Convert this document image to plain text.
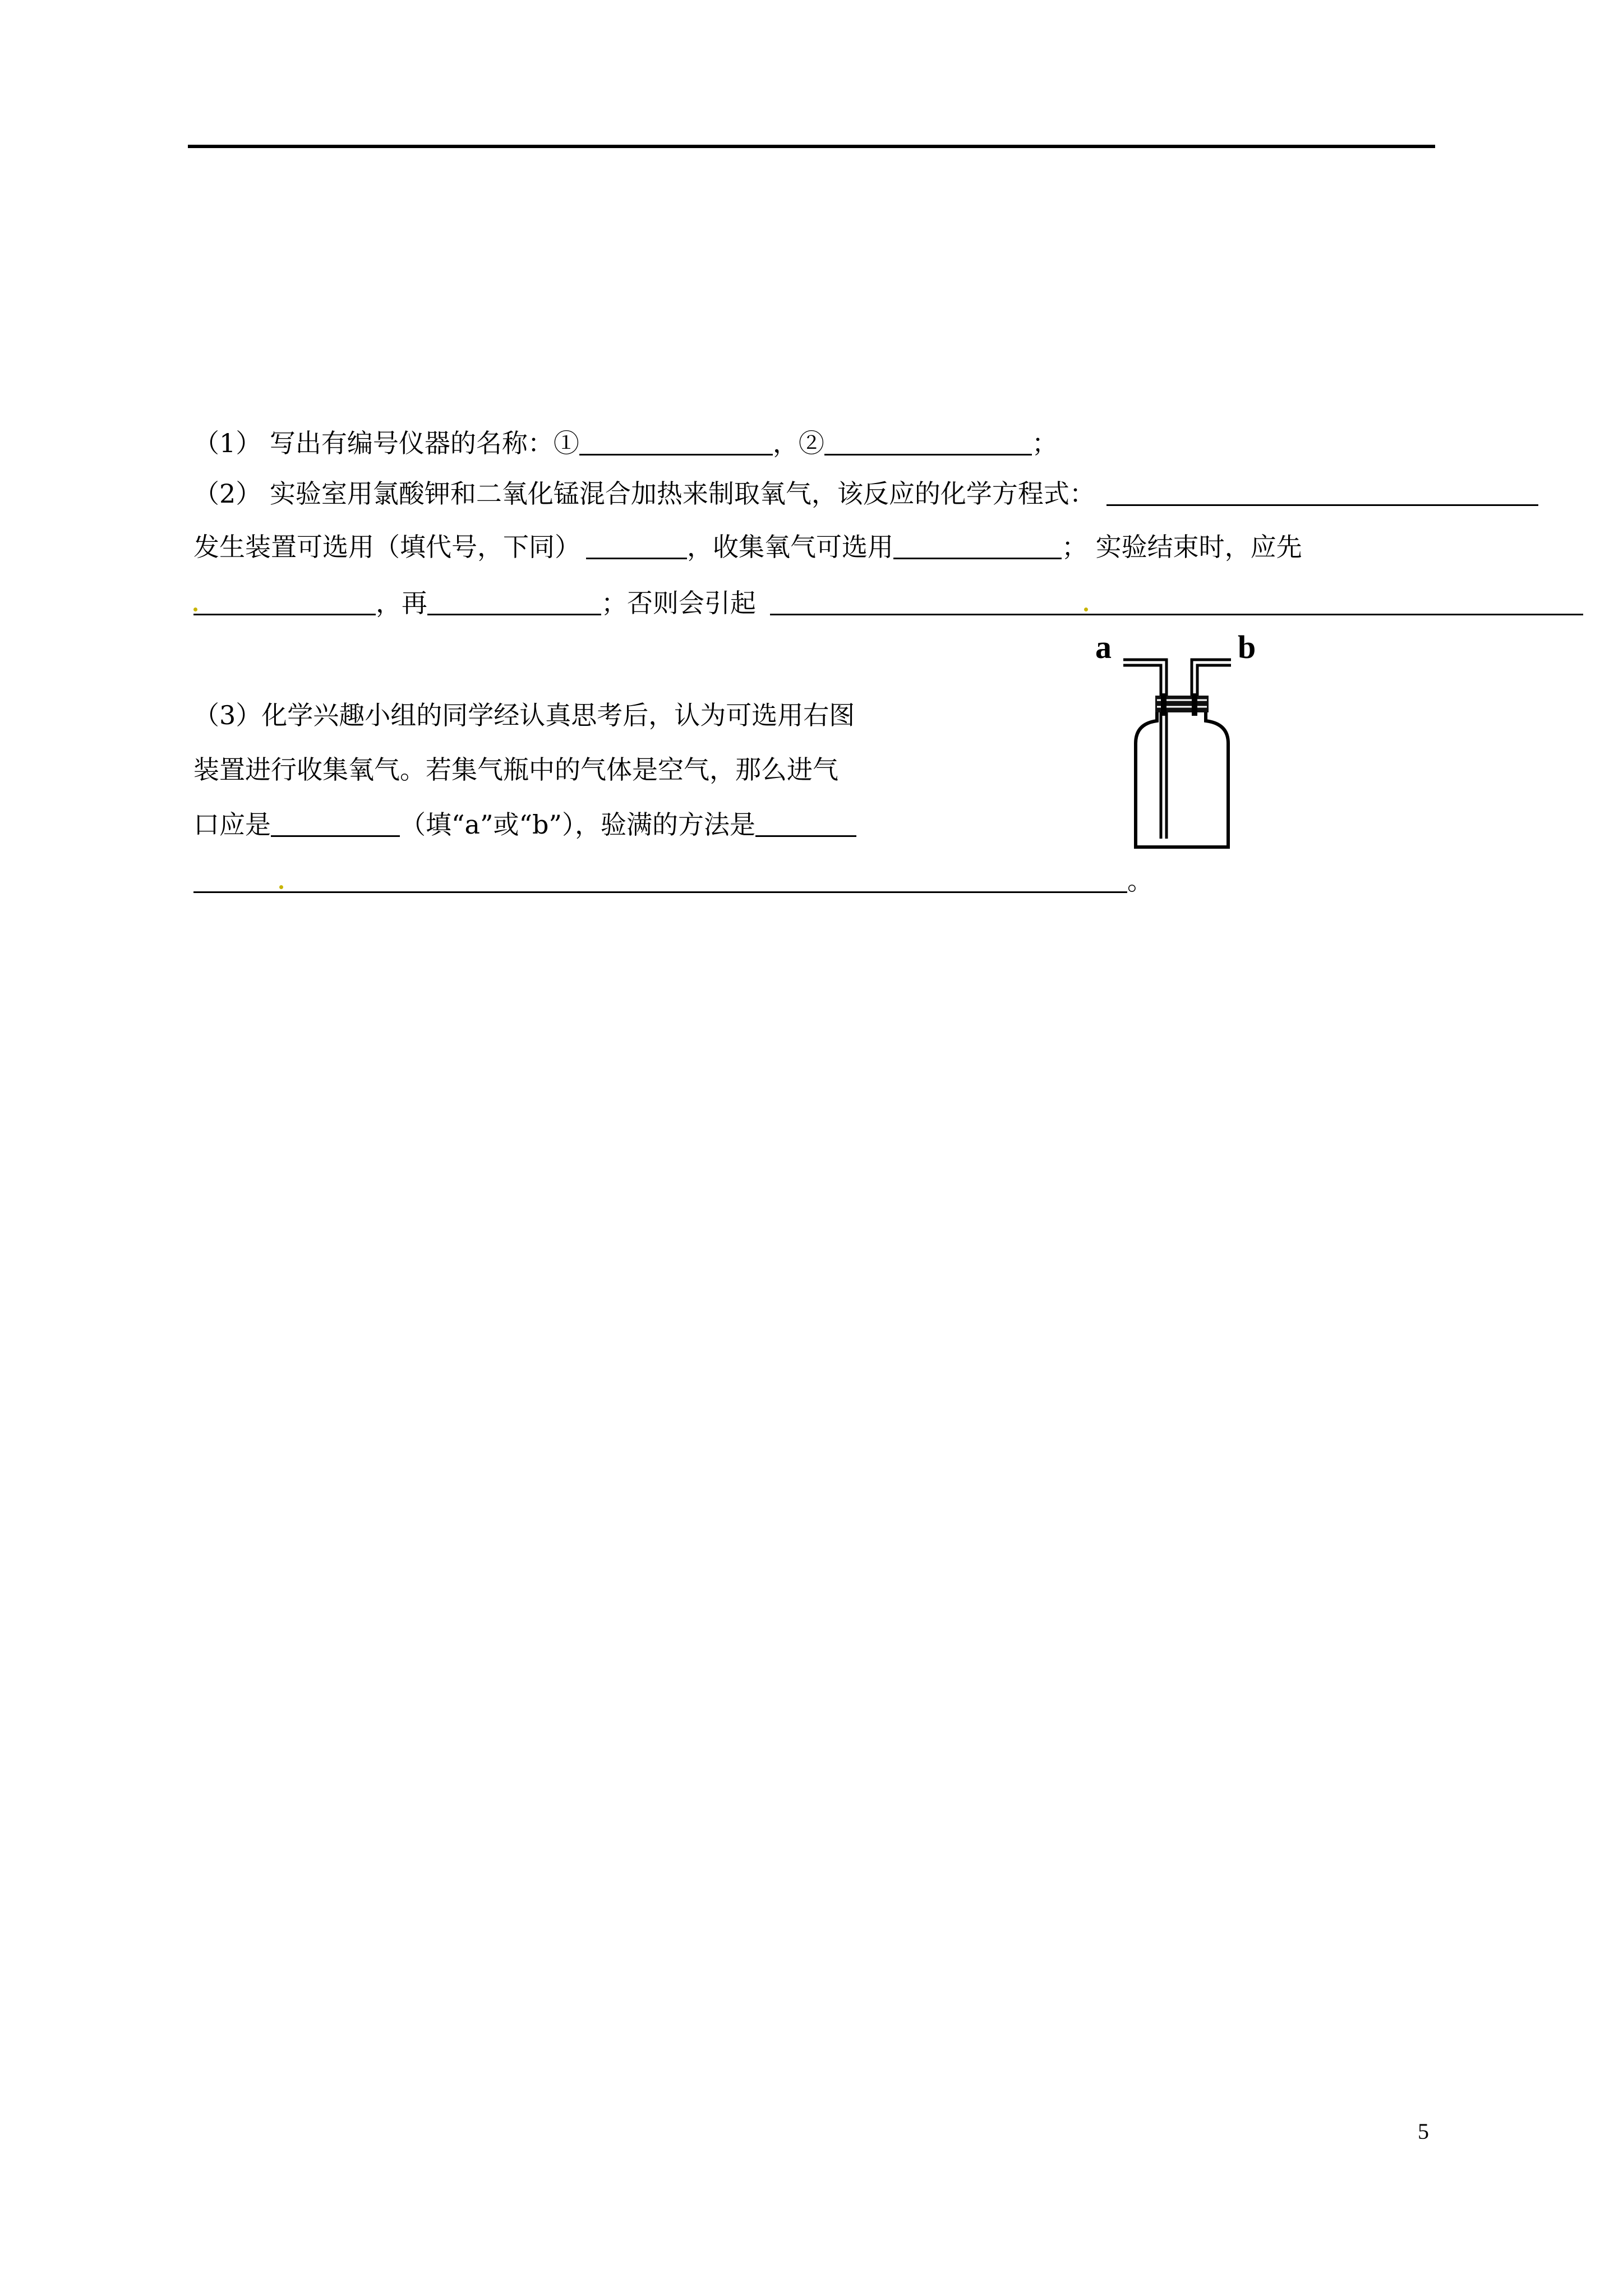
（1） 写出有编号仪器的名称：①	，②	；
（2） 实验室用氯酸钾和二氧化锰混合加热来制取氧气，该反应的化学方程式：
发生装置可选用（填代号，下同）	，收集氧气可选用	； 实验结束时，应先
，再	；否则会引起
（3）化学兴趣小组的同学经认真思考后，认为可选用右图
装置进行收集氧气。若集气瓶中的气体是空气，那么进气
口应是	（填“a”或“b”），验满的方法是
。
a	b
5
